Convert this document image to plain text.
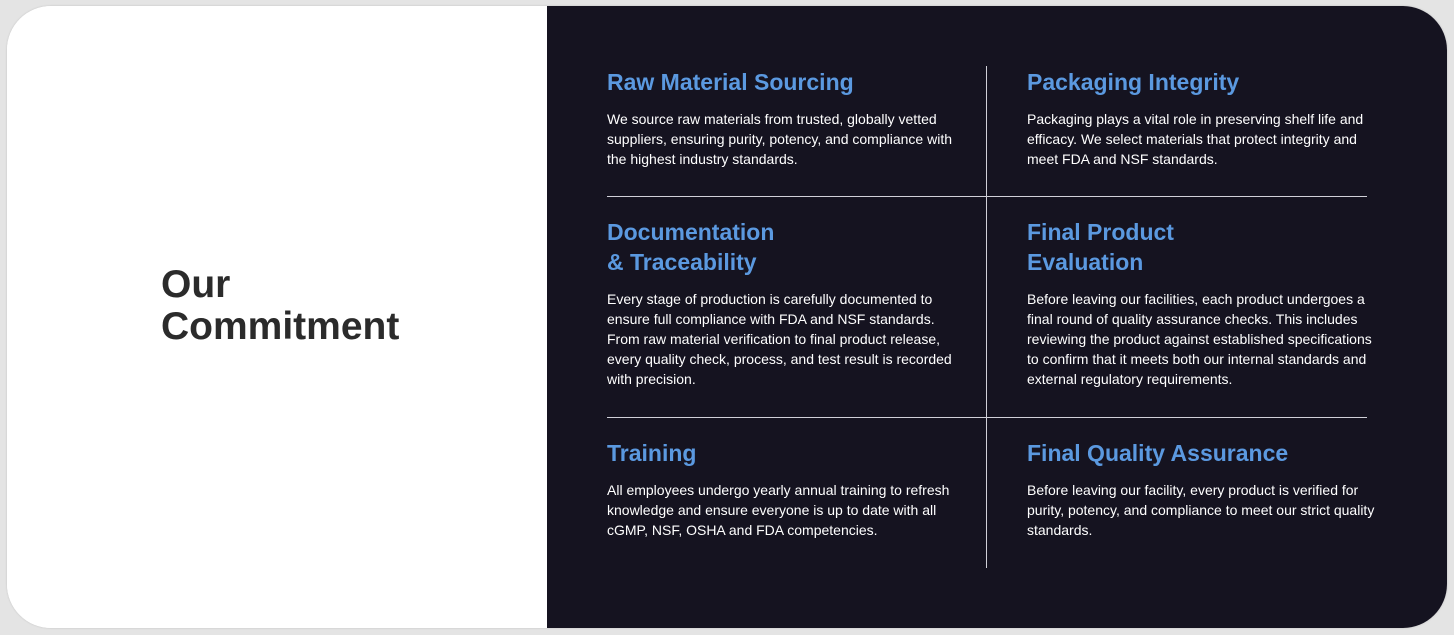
Our
Commitment
Raw Material Sourcing

We source raw materials from trusted, globally vetted suppliers, ensuring purity, potency, and compliance with the highest industry standards.

Packaging Integrity

Packaging plays a vital role in preserving shelf life and efficacy. We select materials that protect integrity and meet FDA and NSF standards.

Documentation
& Traceability

Every stage of production is carefully documented to ensure full compliance with FDA and NSF standards. From raw material verification to final product release, every quality check, process, and test result is recorded with precision.

Final Product
Evaluation

Before leaving our facilities, each product undergoes a final round of quality assurance checks. This includes reviewing the product against established specifications to confirm that it meets both our internal standards and external regulatory requirements.

Training

All employees undergo yearly annual training to refresh knowledge and ensure everyone is up to date with all cGMP, NSF, OSHA and FDA competencies.

Final Quality Assurance

Before leaving our facility, every product is verified for purity, potency, and compliance to meet our strict quality standards.
